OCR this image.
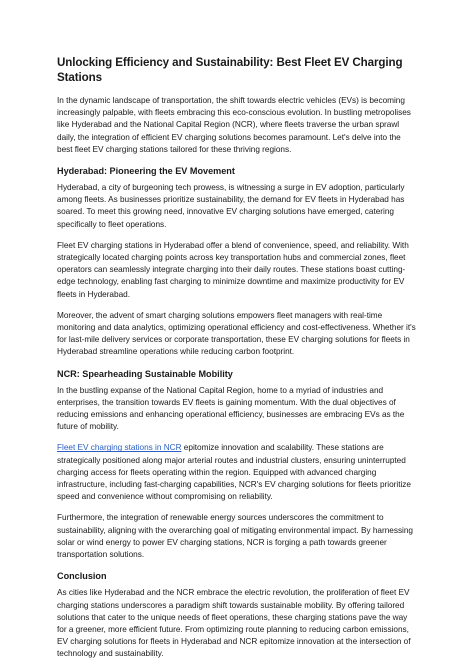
Unlocking Efficiency and Sustainability: Best Fleet EV Charging Stations

In the dynamic landscape of transportation, the shift towards electric vehicles (EVs) is becoming increasingly palpable, with fleets embracing this eco-conscious evolution. In bustling metropolises like Hyderabad and the National Capital Region (NCR), where fleets traverse the urban sprawl daily, the integration of efficient EV charging solutions becomes paramount. Let's delve into the best fleet EV charging stations tailored for these thriving regions.

Hyderabad: Pioneering the EV Movement

Hyderabad, a city of burgeoning tech prowess, is witnessing a surge in EV adoption, particularly among fleets. As businesses prioritize sustainability, the demand for EV fleets in Hyderabad has soared. To meet this growing need, innovative EV charging solutions have emerged, catering specifically to fleet operations.

Fleet EV charging stations in Hyderabad offer a blend of convenience, speed, and reliability. With strategically located charging points across key transportation hubs and commercial zones, fleet operators can seamlessly integrate charging into their daily routes. These stations boast cutting-edge technology, enabling fast charging to minimize downtime and maximize productivity for EV fleets in Hyderabad.

Moreover, the advent of smart charging solutions empowers fleet managers with real-time monitoring and data analytics, optimizing operational efficiency and cost-effectiveness. Whether it's for last-mile delivery services or corporate transportation, these EV charging solutions for fleets in Hyderabad streamline operations while reducing carbon footprint.

NCR: Spearheading Sustainable Mobility

In the bustling expanse of the National Capital Region, home to a myriad of industries and enterprises, the transition towards EV fleets is gaining momentum. With the dual objectives of reducing emissions and enhancing operational efficiency, businesses are embracing EVs as the future of mobility.

Fleet EV charging stations in NCR epitomize innovation and scalability. These stations are strategically positioned along major arterial routes and industrial clusters, ensuring uninterrupted charging access for fleets operating within the region. Equipped with advanced charging infrastructure, including fast-charging capabilities, NCR's EV charging solutions for fleets prioritize speed and convenience without compromising on reliability.

Furthermore, the integration of renewable energy sources underscores the commitment to sustainability, aligning with the overarching goal of mitigating environmental impact. By harnessing solar or wind energy to power EV charging stations, NCR is forging a path towards greener transportation solutions.

Conclusion

As cities like Hyderabad and the NCR embrace the electric revolution, the proliferation of fleet EV charging stations underscores a paradigm shift towards sustainable mobility. By offering tailored solutions that cater to the unique needs of fleet operations, these charging stations pave the way for a greener, more efficient future. From optimizing route planning to reducing carbon emissions, EV charging solutions for fleets in Hyderabad and NCR epitomize innovation at the intersection of technology and sustainability.
